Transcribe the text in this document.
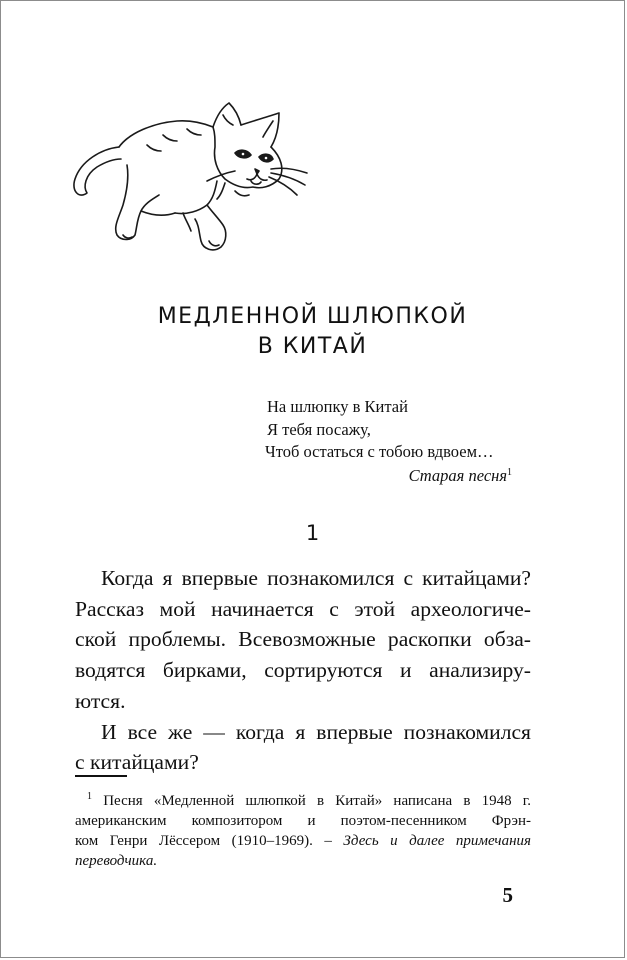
МЕДЛЕННОЙ ШЛЮПКОЙ
В КИТАЙ
На шлюпку в Китай
Я тебя посажу,
Чтоб остаться с тобою вдвоем…
Старая песня$^1$
1

Когда я впервые познакомился с китайцами?
Рассказ мой начинается с этой археологиче-
ской проблемы. Всевозможные раскопки обза-
водятся бирками, сортируются и анализиру-
ются.

И все же — когда я впервые познакомился
с китайцами?

$^1$ Песня «Медленной шлюпкой в Китай» написана в 1948 г.
американским композитором и поэтом-песенником Фрэн-
ком Генри Лёссером (1910–1969). – Здесь и далее примечания
переводчика.
5
